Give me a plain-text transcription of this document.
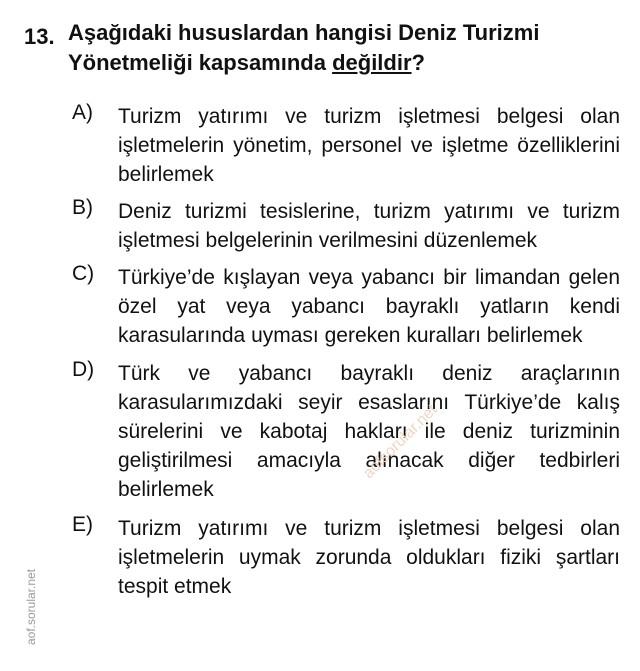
13. Aşağıdaki hususlardan hangisi Deniz Turizmi Yönetmeliği kapsamında değildir?
A)	Turizm yatırımı ve turizm işletmesi belgesi olan işletmelerin yönetim, personel ve işletme özelliklerini belirlemek
B)	Deniz turizmi tesislerine, turizm yatırımı ve turizm işletmesi belgelerinin verilmesini düzenlemek
C)	Türkiye’de kışlayan veya yabancı bir limandan gelen özel yat veya yabancı bayraklı yatların kendi karasularında uyması gereken kuralları belirlemek
D)	Türk ve yabancı bayraklı deniz araçlarının karasularımızdaki seyir esaslarını Türkiye’de kalış sürelerini ve kabotaj hakları ile deniz turizminin geliştirilmesi amacıyla alınacak diğer tedbirleri belirlemek
E)	Turizm yatırımı ve turizm işletmesi belgesi olan işletmelerin uymak zorunda oldukları fiziki şartları tespit etmek
aof.sorular.net
aofsorular.net
